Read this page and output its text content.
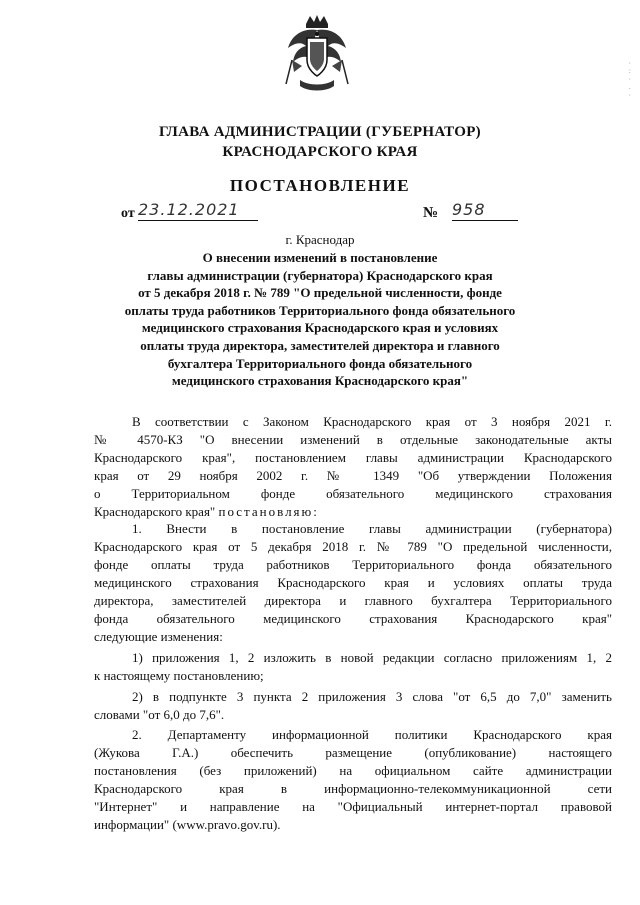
ГЛАВА АДМИНИСТРАЦИИ (ГУБЕРНАТОР)
КРАСНОДАРСКОГО КРАЯ
ПОСТАНОВЛЕНИЕ
от 23.12.2021	№ 958
г. Краснодар
О внесении изменений в постановление
главы администрации (губернатора) Краснодарского края
от 5 декабря 2018 г. № 789 "О предельной численности, фонде
оплаты труда работников Территориального фонда обязательного
медицинского страхования Краснодарского края и условиях
оплаты труда директора, заместителей директора и главного
бухгалтера Территориального фонда обязательного
медицинского страхования Краснодарского края"
В соответствии с Законом Краснодарского края от 3 ноября 2021 г.
№ 4570-КЗ "О внесении изменений в отдельные законодательные акты
Краснодарского края", постановлением главы администрации Краснодарского
края от 29 ноября 2002 г. № 1349 "Об утверждении Положения
о Территориальном фонде обязательного медицинского страхования
Краснодарского края" постановляю:
1. Внести в постановление главы администрации (губернатора)
Краснодарского края от 5 декабря 2018 г. № 789 "О предельной численности,
фонде оплаты труда работников Территориального фонда обязательного
медицинского страхования Краснодарского края и условиях оплаты труда
директора, заместителей директора и главного бухгалтера Территориального
фонда обязательного медицинского страхования Краснодарского края"
следующие изменения:
1) приложения 1, 2 изложить в новой редакции согласно приложениям 1, 2
к настоящему постановлению;
2) в подпункте 3 пункта 2 приложения 3 слова "от 6,5 до 7,0" заменить
словами "от 6,0 до 7,6".
2. Департаменту информационной политики Краснодарского края
(Жукова Г.А.) обеспечить размещение (опубликование) настоящего
постановления (без приложений) на официальном сайте администрации
Краснодарского края в информационно-телекоммуникационной сети
"Интернет" и направление на "Официальный интернет-портал правовой
информации" (www.pravo.gov.ru).
·
:
·
.
·
